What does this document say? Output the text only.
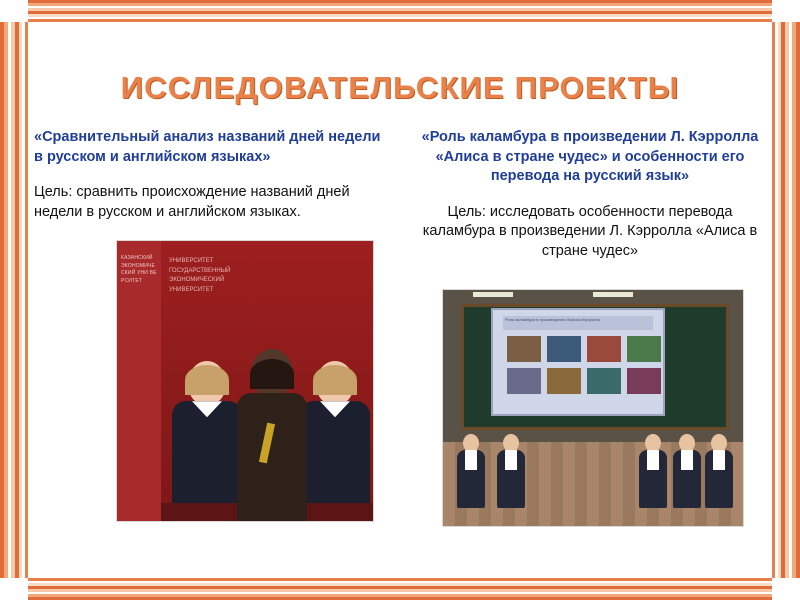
ИССЛЕДОВАТЕЛЬСКИЕ ПРОЕКТЫ
«Сравнительный анализ названий дней недели в русском и английском языках»
Цель: сравнить происхождение названий дней недели в русском и английском языках.
КАЗАНСКИЙ ЭКОНОМИЧЕСКИЙ УНИ ВЕРСИТЕТ
УНИВЕРСИТЕТ ГОСУДАРСТВЕННЫЙ ЭКОНОМИЧЕСКИЙ УНИВЕРСИТЕТ
«Роль каламбура в произведении Л. Кэрролла «Алиса в стране чудес» и особенности его перевода на русский язык»
Цель: исследовать особенности перевода каламбура в произведении Л. Кэрролла «Алиса в стране чудес»
Роль каламбура в произведении Льюиса Кэрролла
